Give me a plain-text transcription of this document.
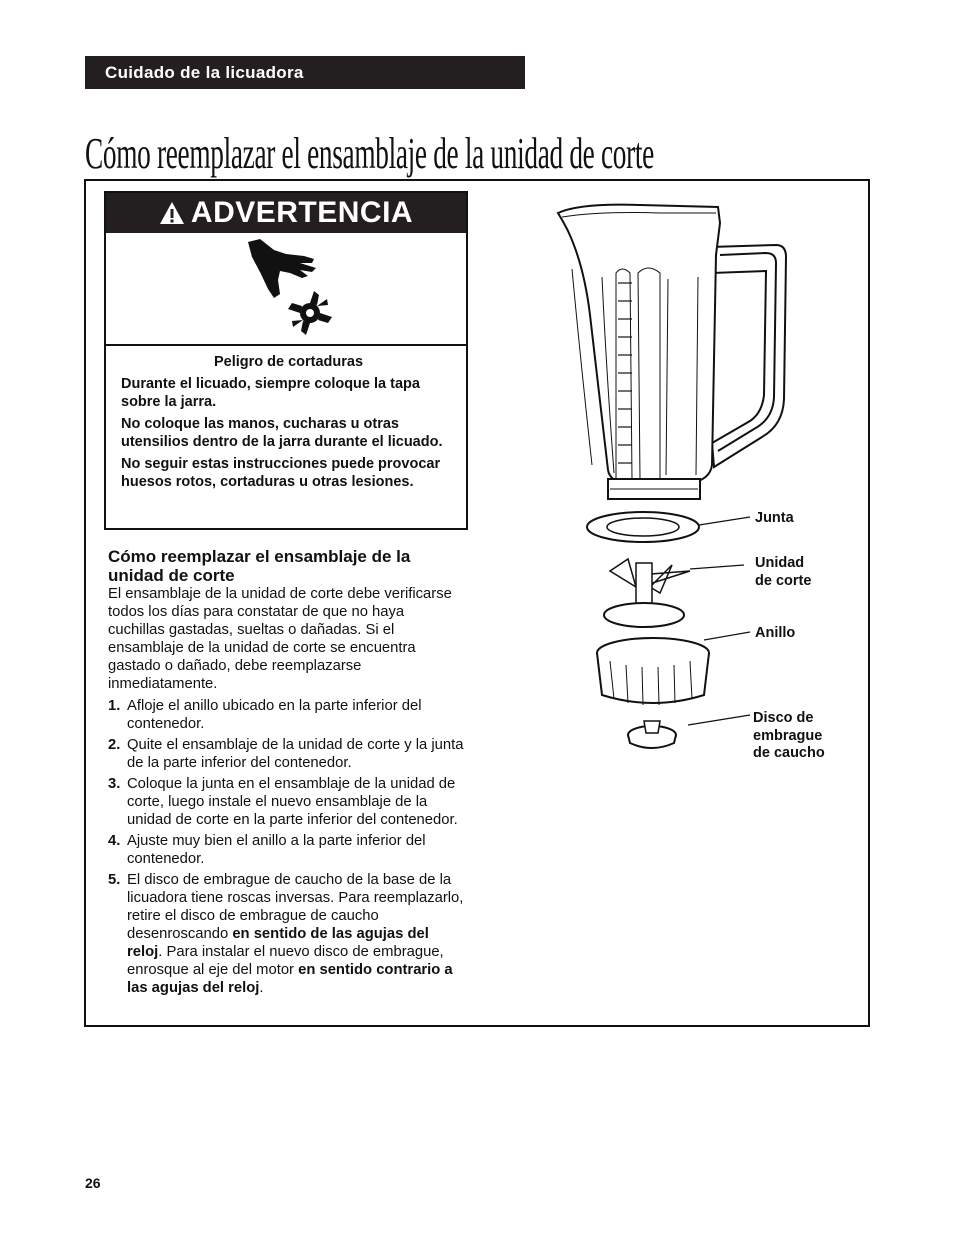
Cuidado de la licuadora
Cómo reemplazar el ensamblaje de la unidad de corte
ADVERTENCIA

Peligro de cortaduras

Durante el licuado, siempre coloque la tapa sobre la jarra.

No coloque las manos, cucharas u otras utensilios dentro de la jarra durante el licuado.

No seguir estas instrucciones puede provocar huesos rotos, cortaduras u otras lesiones.

Cómo reemplazar el ensamblaje de la unidad de corte

El ensamblaje de la unidad de corte debe verificarse todos los días para constatar de que no haya cuchillas gastadas, sueltas o dañadas. Si el ensamblaje de la unidad de corte se encuentra gastado o dañado, debe reemplazarse inmediatamente.

1. Afloje el anillo ubicado en la parte inferior del contenedor.
2. Quite el ensamblaje de la unidad de corte y la junta de la parte inferior del contenedor.
3. Coloque la junta en el ensamblaje de la unidad de corte, luego instale el nuevo ensamblaje de la unidad de corte en la parte inferior del contenedor.
4. Ajuste muy bien el anillo a la parte inferior del contenedor.
5. El disco de embrague de caucho de la base de la licuadora tiene roscas inversas. Para reemplazarlo, retire el disco de embrague de caucho desenroscando en sentido de las agujas del reloj. Para instalar el nuevo disco de embrague, enrosque al eje del motor en sentido contrario a las agujas del reloj.
Junta
Unidad
de corte
Anillo
Disco de
embrague
de caucho
26
